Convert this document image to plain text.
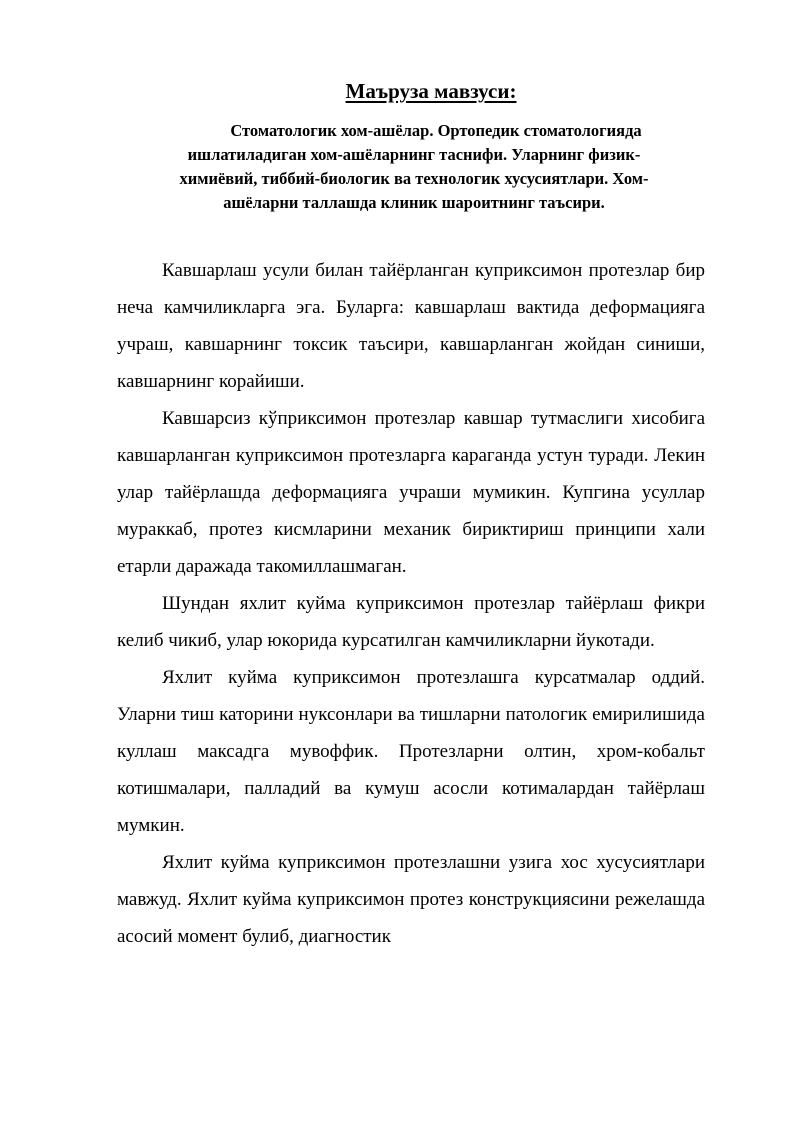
Маъруза мавзуси:
Стоматологик хом-ашёлар. Ортопедик стоматологияда
ишлатиладиган хом-ашёларнинг таснифи. Уларнинг физик-
химиёвий, тиббий-биологик ва технологик хусусиятлари. Хом-
ашёларни таллашда клиник шароитнинг таъсири.

Кавшарлаш усули билан тайёрланган куприксимон протезлар бир неча камчиликларга эга. Буларга: кавшарлаш вактида деформацияга учраш, кавшарнинг токсик таъсири, кавшарланган жойдан синиши, кавшарнинг корайиши.

Кавшарсиз кўприксимон протезлар кавшар тутмаслиги хисобига кавшарланган куприксимон протезларга караганда устун туради. Лекин улар тайёрлашда деформацияга учраши мумикин. Купгина усуллар мураккаб, протез кисмларини механик бириктириш принципи хали етарли даражада такомиллашмаган.

Шундан яхлит куйма куприксимон протезлар тайёрлаш фикри келиб чикиб, улар юкорида курсатилган камчиликларни йукотади.

Яхлит куйма куприксимон протезлашга курсатмалар оддий. Уларни тиш каторини нуксонлари ва тишларни патологик емирилишида куллаш максадга мувоффик. Протезларни олтин, хром-кобальт котишмалари, палладий ва кумуш асосли котималардан тайёрлаш мумкин.

Яхлит куйма куприксимон протезлашни узига хос хусусиятлари мавжуд. Яхлит куйма куприксимон протез конструкциясини режелашда асосий момент булиб, диагностик
